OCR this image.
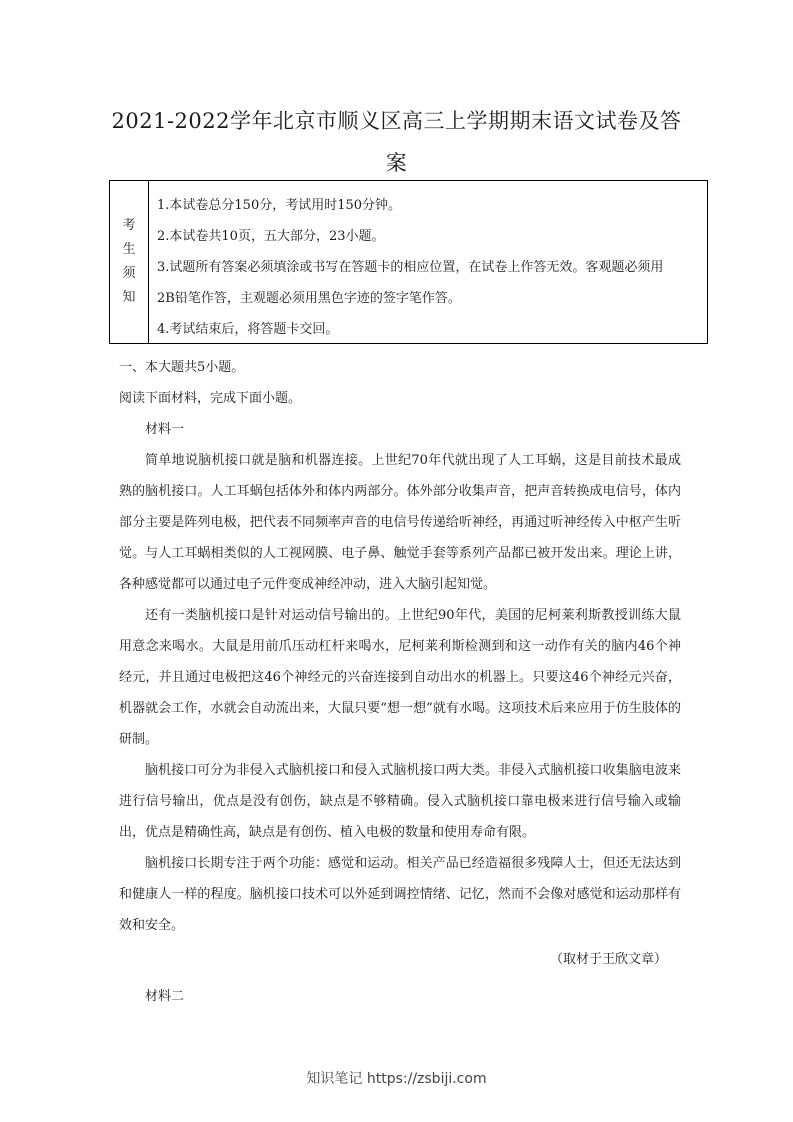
2021-2022学年北京市顺义区高三上学期期末语文试卷及答案
考生须知
1.本试卷总分150分，考试用时150分钟。
2.本试卷共10页，五大部分，23小题。
3.试题所有答案必须填涂或书写在答题卡的相应位置，在试卷上作答无效。客观题必须用
2B铅笔作答，主观题必须用黑色字迹的签字笔作答。
4.考试结束后，将答题卡交回。

一、本大题共5小题。

阅读下面材料，完成下面小题。

材料一

简单地说脑机接口就是脑和机器连接。上世纪70年代就出现了人工耳蜗，这是目前技术最成熟的脑机接口。人工耳蜗包括体外和体内两部分。体外部分收集声音，把声音转换成电信号，体内部分主要是阵列电极，把代表不同频率声音的电信号传递给听神经，再通过听神经传入中枢产生听觉。与人工耳蜗相类似的人工视网膜、电子鼻、触觉手套等系列产品都已被开发出来。理论上讲，各种感觉都可以通过电子元件变成神经冲动，进入大脑引起知觉。

还有一类脑机接口是针对运动信号输出的。上世纪90年代，美国的尼柯莱利斯教授训练大鼠用意念来喝水。大鼠是用前爪压动杠杆来喝水，尼柯莱利斯检测到和这一动作有关的脑内46个神经元，并且通过电极把这46个神经元的兴奋连接到自动出水的机器上。只要这46个神经元兴奋，机器就会工作，水就会自动流出来，大鼠只要“想一想”就有水喝。这项技术后来应用于仿生肢体的研制。

脑机接口可分为非侵入式脑机接口和侵入式脑机接口两大类。非侵入式脑机接口收集脑电波来进行信号输出，优点是没有创伤，缺点是不够精确。侵入式脑机接口靠电极来进行信号输入或输出，优点是精确性高，缺点是有创伤、植入电极的数量和使用寿命有限。

脑机接口长期专注于两个功能：感觉和运动。相关产品已经造福很多残障人士，但还无法达到和健康人一样的程度。脑机接口技术可以外延到调控情绪、记忆，然而不会像对感觉和运动那样有效和安全。

（取材于王欣文章）

材料二

知识笔记 https://zsbiji.com
